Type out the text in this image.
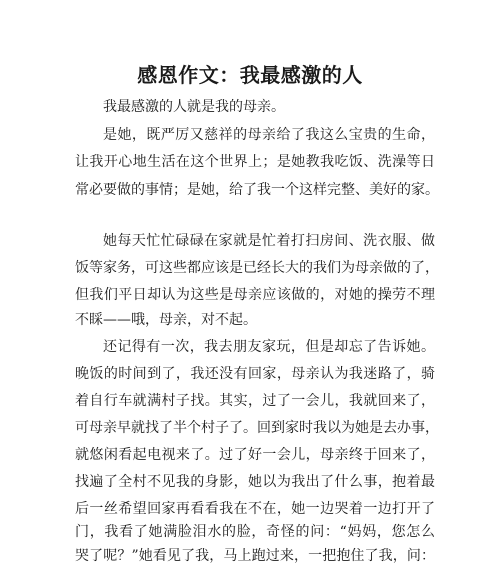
感恩作文：我最感激的人
我最感激的人就是我的母亲。
是她，既严厉又慈祥的母亲给了我这么宝贵的生命，
让我开心地生活在这个世界上；是她教我吃饭、洗澡等日
常必要做的事情；是她，给了我一个这样完整、美好的家。
她每天忙忙碌碌在家就是忙着打扫房间、洗衣服、做
饭等家务，可这些都应该是已经长大的我们为母亲做的了，
但我们平日却认为这些是母亲应该做的，对她的操劳不理
不睬——哦，母亲，对不起。
还记得有一次，我去朋友家玩，但是却忘了告诉她。
晚饭的时间到了，我还没有回家，母亲认为我迷路了，骑
着自行车就满村子找。其实，过了一会儿，我就回来了，
可母亲早就找了半个村子了。回到家时我以为她是去办事，
就悠闲看起电视来了。过了好一会儿，母亲终于回来了，
找遍了全村不见我的身影，她以为我出了什么事，抱着最
后一丝希望回家再看看我在不在，她一边哭着一边打开了
门，我看了她满脸泪水的脸，奇怪的问：“妈妈，您怎么
哭了呢？”她看见了我，马上跑过来，一把抱住了我，问：
